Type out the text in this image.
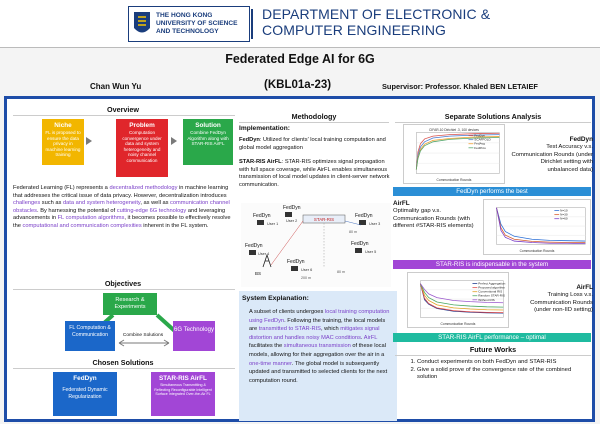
THE HONG KONG
UNIVERSITY OF SCIENCE
AND TECHNOLOGY
DEPARTMENT OF ELECTRONIC &
COMPUTER ENGINEERING
Federated Edge AI for 6G
Chan Wun Yu	(KBL01a-23)	Supervisor: Professor. Khaled BEN LETAIEF
Overview
Niche
FL is proposed to ensure the data privacy in machine learning training
Problem
Computation convergence under data and system heterogeneity and noisy channel communication
Solution
Combine FedDyn Algorithm along with STAR-RIS AirFL
Federated Learning (FL) represents a decentralized methodology in machine learning that addresses the critical issue of data privacy. However, decentralization introduces challenges such as data and system heterogeneity, as well as communication channel obstacles. By harnessing the potential of cutting-edge 6G technology and leveraging advancements in FL computation algorithms, it becomes possible to effectively resolve the computational and communication complexities inherent in the FL system.
Objectives
Research & Experiments
FL Computation & Communication	Combine Solutions
6G Technology
Chosen Solutions
FedDyn
Federated Dynamic Regularization
STAR-RIS AirFL
Simultaneous Transmitting & Reflecting Reconfigurable Intelligent Surface Integrated Over-the-Air FL
Methodology
Implementation:
FedDyn: Utilized for clients' local training computation and global model aggregation
STAR-RIS AirFL: STAR-RIS optimizes signal propagation with full space coverage, while AirFL enables simultaneous transmission of local model updates in client-server network communication.
STAR-RIS
FedDyn
FedDyn
FedDyn
FedDyn	FedDyn
FedDyn
User 1
User 2
User 3
User 4	User 5
User 6
BS
80 m
200 m
80 m
System Explanation:
A subset of clients undergoes local training computation using FedDyn. Following the training, the local models are transmitted to STAR-RIS, which mitigates signal distortion and handles noisy MAC conditions. AirFL facilitates the simultaneous transmission of these local models, allowing for their aggregation over the air in a one-time manner. The global model is subsequently updated and transmitted to selected clients for the next computation round.
Separate Solutions Analysis
CIFAR-10 Dirichlet .3, 100 devices
Communication Rounds
FedDyn
SCAFFOLD
FedAvg
FedProx
FedDyn
Test Accuracy v.s. Communication Rounds (under Dirichlet setting with unbalanced data)
FedDyn performs the best
AirFL
Optimality gap v.s. Communication Rounds (with different #STAR-RIS elements)
Communication Rounds
N=10
N=30
N=60
STAR-RIS is indispensable in the system
Communication Rounds
Perfect Aggregation
Proposed algorithm
Conventional RIS
Random STAR-RIS
Without RIS
AirFL
Training Loss v.s. Communication Rounds (under non-IID setting)
STAR-RIS AirFL performance – optimal
Future Works
1. Conduct experiments on both FedDyn and STAR-RIS
2. Give a solid prove of the convergence rate of the combined solution
